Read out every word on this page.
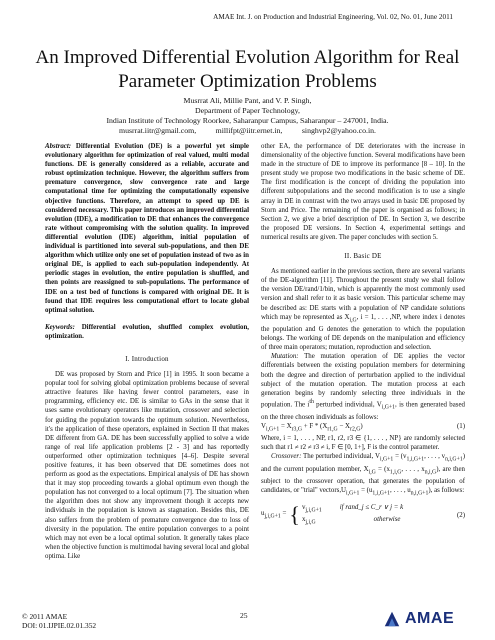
AMAE Int. J. on Production and Industrial Engineering, Vol. 02, No. 01, June 2011
An Improved Differential Evolution Algorithm for Real Parameter Optimization Problems
Musrrat Ali, Millie Pant, and V. P. Singh,
Department of Paper Technology,
Indian Institute of Technology Roorkee, Saharanpur Campus, Saharanpur – 247001, India.
musrrat.iitr@gmail.com,          millifpt@iitr.ernet.in,          singhvp2@yahoo.co.in.

Abstract: Differential Evolution (DE) is a powerful yet simple evolutionary algorithm for optimization of real valued, multi modal functions. DE is generally considered as a reliable, accurate and robust optimization technique. However, the algorithm suffers from premature convergence, slow convergence rate and large computational time for optimizing the computationally expensive objective functions. Therefore, an attempt to speed up DE is considered necessary. This paper introduces an improved differential evolution (IDE), a modification to DE that enhances the convergence rate without compromising with the solution quality. In improved differential evolution (IDE) algorithm, initial population of individual is partitioned into several sub-populations, and then DE algorithm which utilize only one set of population instead of two as in original DE, is applied to each sub-population independently. At periodic stages in evolution, the entire population is shuffled, and then points are reassigned to sub-populations. The performance of IDE on a test bed of functions is compared with original DE. It is found that IDE requires less computational effort to locate global optimal solution.

Keywords: Differential evolution, shuffled complex evolution, optimization.

I. Introduction

DE was proposed by Storn and Price [1] in 1995. It soon became a popular tool for solving global optimization problems because of several attractive features like having fewer control parameters, ease in programming, efficiency etc. DE is similar to GAs in the sense that it uses same evolutionary operators like mutation, crossover and selection for guiding the population towards the optimum solution. Nevertheless, it's the application of these operators, explained in Section II that makes DE different from GA. DE has been successfully applied to solve a wide range of real life application problems [2 - 3] and has reportedly outperformed other optimization techniques [4–6]. Despite several positive features, it has been observed that DE sometimes does not perform as good as the expectations. Empirical analysis of DE has shown that it may stop proceeding towards a global optimum even though the population has not converged to a local optimum [7]. The situation when the algorithm does not show any improvement though it accepts new individuals in the population is known as stagnation. Besides this, DE also suffers from the problem of premature convergence due to loss of diversity in the population. The entire population converges to a point which may not even be a local optimal solution. It generally takes place when the objective function is multimodal having several local and global optima. Like

other EA, the performance of DE deteriorates with the increase in dimensionality of the objective function. Several modifications have been made in the structure of DE to improve its performance [8 – 10]. In the present study we propose two modifications in the basic scheme of DE. The first modification is the concept of dividing the population into different subpopulations and the second modification is to use a single array in DE in contrast with the two arrays used in basic DE proposed by Storn and Price. The remaining of the paper is organised as follows; in Section 2, we give a brief description of DE. In Section 3, we describe the proposed DE versions. In Section 4, experimental settings and numerical results are given. The paper concludes with section 5.

II. Basic DE

As mentioned earlier in the previous section, there are several variants of the DE-algorithm [11]. Throughout the present study we shall follow the version DE/rand/1/bin, which is apparently the most commonly used version and shall refer to it as basic version. This particular scheme may be described as: DE starts with a population of NP candidate solutions which may be represented as $X_{i,G}$, i = 1, . . . ,NP, where index i denotes the population and G denotes the generation to which the population belongs. The working of DE depends on the manipulation and efficiency of three main operators; mutation, reproduction and selection.

Mutation: The mutation operation of DE applies the vector differentials between the existing population members for determining both the degree and direction of perturbation applied to the individual subject of the mutation operation. The mutation process at each generation begins by randomly selecting three individuals in the population. The $i^{th}$ perturbed individual, $V_{i,G+1}$, is then generated based on the three chosen individuals as follows:

$V_{i,G+1} = X_{r3,G} + F * (X_{r1,G} - X_{r2,G})$	(1)

Where, i = 1, . . . , NP, r1, r2, r3 ∈ {1, . . . , NP} are randomly selected such that r1 ≠ r2 ≠ r3 ≠ i, F ∈ [0, 1+], F is the control parameter.

Crossover: The perturbed individual, $V_{i,G+1} = (v_{1,i,G+1}$, . . . , $v_{n,i,G+1}$) and the current population member, $X_{i,G} = (x_{1,i,G}$, . . . , $x_{n,i,G}$), are then subject to the crossover operation, that generates the population of candidates, or "trial" $vectors,U_{i,G+1} = (u_{1,i,G+1}$, . . . , $u_{n,i,G+1}$), as follows:

$u_{j,i,G+1}$ = { $v_{j,i,G+1}$	if rand_j ≤ C_r ∨ j = k
$x_{j,i,G}$	otherwise
(2)
25
© 2011 AMAE
DOI: 01.IJPIE.02.01.352	AMAE
